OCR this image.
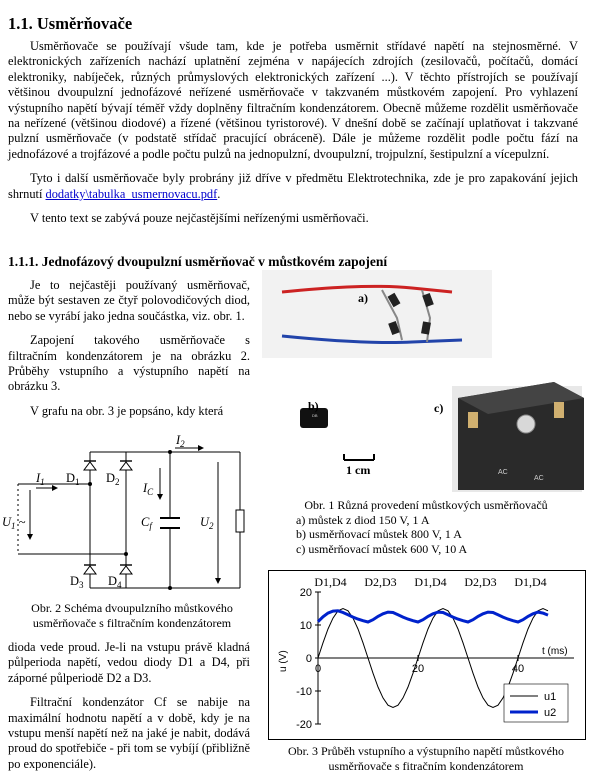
1.1. Usměrňovače

Usměrňovače se používají všude tam, kde je potřeba usměrnit střídavé napětí na stejnosměrné. V elektronických zařízeních nachází uplatnění zejména v napájecích zdrojích (zesilovačů, počítačů, domácí elektroniky, nabíječek, různých průmyslových elektronických zařízení ...). V těchto přístrojích se používají většinou dvoupulzní jednofázové neřízené usměrňovače v takzvaném můstkovém zapojení. Pro vyhlazení výstupního napětí bývají téměř vždy doplněny filtračním kondenzátorem. Obecně můžeme rozdělit usměrňovače na neřízené (většinou diodové) a řízené (většinou tyristorové). V dnešní době se začínají uplatňovat i takzvané pulzní usměrňovače (v podstatě střídač pracující obráceně). Dále je můžeme rozdělit podle počtu fází na jednofázové a trojfázové a podle počtu pulzů na jednopulzní, dvoupulzní, trojpulzní, šestipulzní a vícepulzní.

Tyto i další usměrňovače byly probrány již dříve v předmětu Elektrotechnika, zde je pro zapakování jejich shrnutí dodatky\tabulka_usmernovacu.pdf.

V tento text se zabývá pouze nejčastějšími neřízenými usměrňovači.

1.1.1. Jednofázový dvoupulzní usměrňovač v můstkovém zapojení

Je to nejčastěji používaný usměrňovač, může být sestaven ze čtyř polovodičových diod, nebo se vyrábí jako jedna součástka, viz. obr. 1.

Zapojení takového usměrňovače s filtračním kondenzátorem je na obrázku 2. Průběhy vstupního a výstupního napětí na obrázku 3.

V grafu na obr. 3 je popsáno, kdy která

$I_2$
$I_1$	$I_C$
$U_1$ ~	$U_2$
$C_f$
$D_1$ $D_2$
$D_3$ $D_4$
Obr. 2 Schéma dvoupulzního můstkového
usměrňovače s filtračním kondenzátorem

dioda vede proud. Je-li na vstupu právě kladná půlperioda napětí, vedou diody D1 a D4, při záporné půlperiodě D2 a D3.

Filtrační kondenzátor Cf se nabije na maximální hodnotu napětí a v době, kdy je na vstupu menší napětí než na jaké je nabit, dodává proud do spotřebiče - při tom se vybíjí (přibližně po exponenciále).

a)
DB
b)
1 cm	AC
AC
c)
Obr. 1 Různá provedení můstkových usměrňovačů
a) můstek z diod 150 V, 1 A
b) usměrňovací můstek 800 V, 1 A
c) usměrňovací můstek 600 V, 10 A
D1,D4 D2,D3 D1,D4 D2,D3 D1,D4
-20
-10
0
10
20
0	20	40
u (V)	t (ms)
u1
u2
Obr. 3 Průběh vstupního a výstupního napětí můstkového
usměrňovače s fitračním kondenzátorem
